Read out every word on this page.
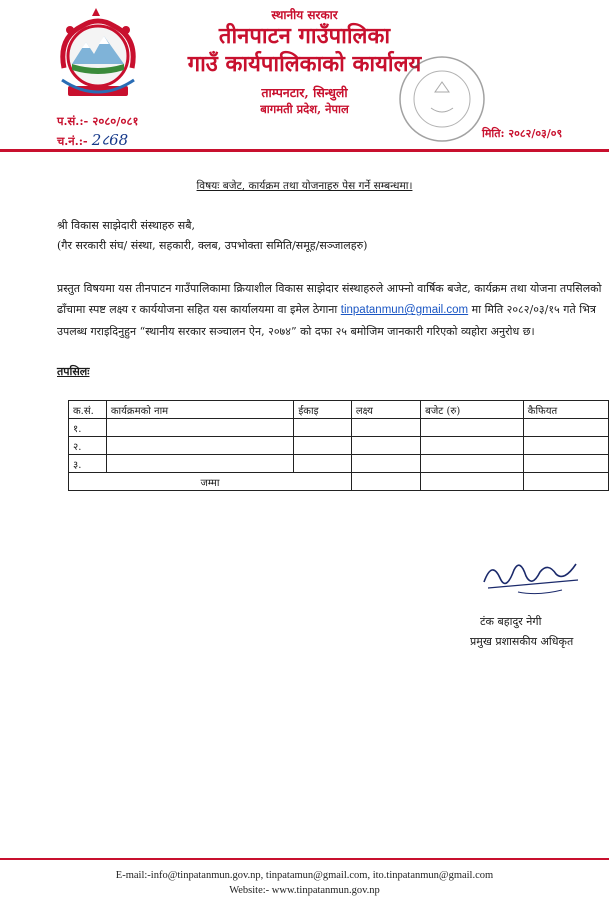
स्थानीय सरकार
तीनपाटन गाउँपालिका
गाउँ कार्यपालिकाको कार्यालय
ताम्पनटार, सिन्धुली
बागमती प्रदेश, नेपाल
प.सं.:- २०८०/०८१
च.नं.:- 2८68	मिति: २०८२/०३/०९
विषयः बजेट, कार्यक्रम तथा योजनाहरु पेस गर्ने सम्बन्धमा।
श्री विकास साझेदारी संस्थाहरु सबै,
(गैर सरकारी संघ/ संस्था, सहकारी, क्लब, उपभोक्ता समिति/समूह/सञ्जालहरु)

प्रस्तुत विषयमा यस तीनपाटन गाउँपालिकामा क्रियाशील विकास साझेदार संस्थाहरुले आफ्नो वार्षिक बजेट, कार्यक्रम तथा योजना तपसिलको ढाँचामा स्पष्ट लक्ष्य र कार्ययोजना सहित यस कार्यालयमा वा इमेल ठेगाना tinpatanmun@gmail.com मा मिति २०८२/०३/१५ गते भित्र उपलब्ध गराइदिनुहुन “स्थानीय सरकार सञ्चालन ऐन, २०७४” को दफा २५ बमोजिम जानकारी गरिएको व्यहोरा अनुरोध छ।

तपसिलः
क.सं.	कार्यक्रमको नाम	ईकाइ	लक्ष्य	बजेट (रु)	कैफियत
१.					
२.					
३.					
जम्मा					
टंक बहादुर नेगी
प्रमुख प्रशासकीय अधिकृत
E-mail:-info@tinpatanmun.gov.np, tinpatamun@gmail.com, ito.tinpatanmun@gmail.com
Website:- www.tinpatanmun.gov.np
